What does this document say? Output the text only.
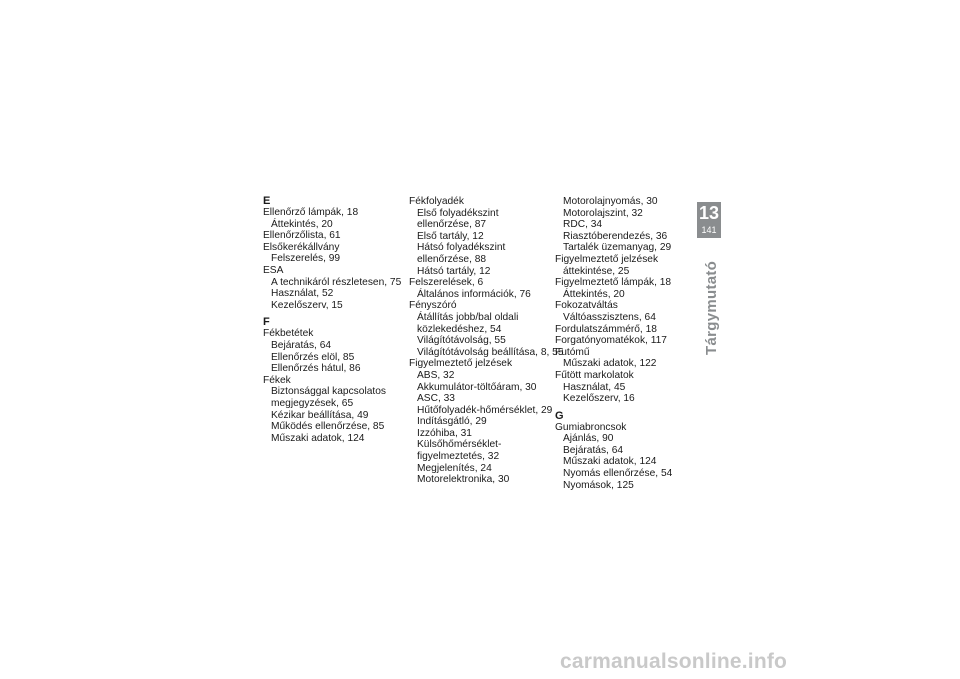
E
Ellenőrző lámpák, 18
Áttekintés, 20
Ellenőrzőlista, 61
Elsőkerékállvány
Felszerelés, 99
ESA
A technikáról részletesen, 75
Használat, 52
Kezelőszerv, 15
F
Fékbetétek
Bejáratás, 64
Ellenőrzés elöl, 85
Ellenőrzés hátul, 86
Fékek
Biztonsággal kapcsolatos
megjegyzések, 65
Kézikar beállítása, 49
Működés ellenőrzése, 85
Műszaki adatok, 124
Fékfolyadék
Első folyadékszint
ellenőrzése, 87
Első tartály, 12
Hátsó folyadékszint
ellenőrzése, 88
Hátsó tartály, 12
Felszerelések, 6
Általános információk, 76
Fényszóró
Átállítás jobb/bal oldali
közlekedéshez, 54
Világítótávolság, 55
Világítótávolság beállítása, 8, 55
Figyelmeztető jelzések
ABS, 32
Akkumulátor-töltőáram, 30
ASC, 33
Hűtőfolyadék-hőmérséklet, 29
Indításgátló, 29
Izzóhiba, 31
Külsőhőmérséklet-
figyelmeztetés, 32
Megjelenítés, 24
Motorelektronika, 30
Motorolajnyomás, 30
Motorolajszint, 32
RDC, 34
Riasztóberendezés, 36
Tartalék üzemanyag, 29
Figyelmeztető jelzések
áttekintése, 25
Figyelmeztető lámpák, 18
Áttekintés, 20
Fokozatváltás
Váltóasszisztens, 64
Fordulatszámmérő, 18
Forgatónyomatékok, 117
Futómű
Műszaki adatok, 122
Fűtött markolatok
Használat, 45
Kezelőszerv, 16
G
Gumiabroncsok
Ajánlás, 90
Bejáratás, 64
Műszaki adatok, 124
Nyomás ellenőrzése, 54
Nyomások, 125
13
141
Tárgymutató
carmanualsonline.info
